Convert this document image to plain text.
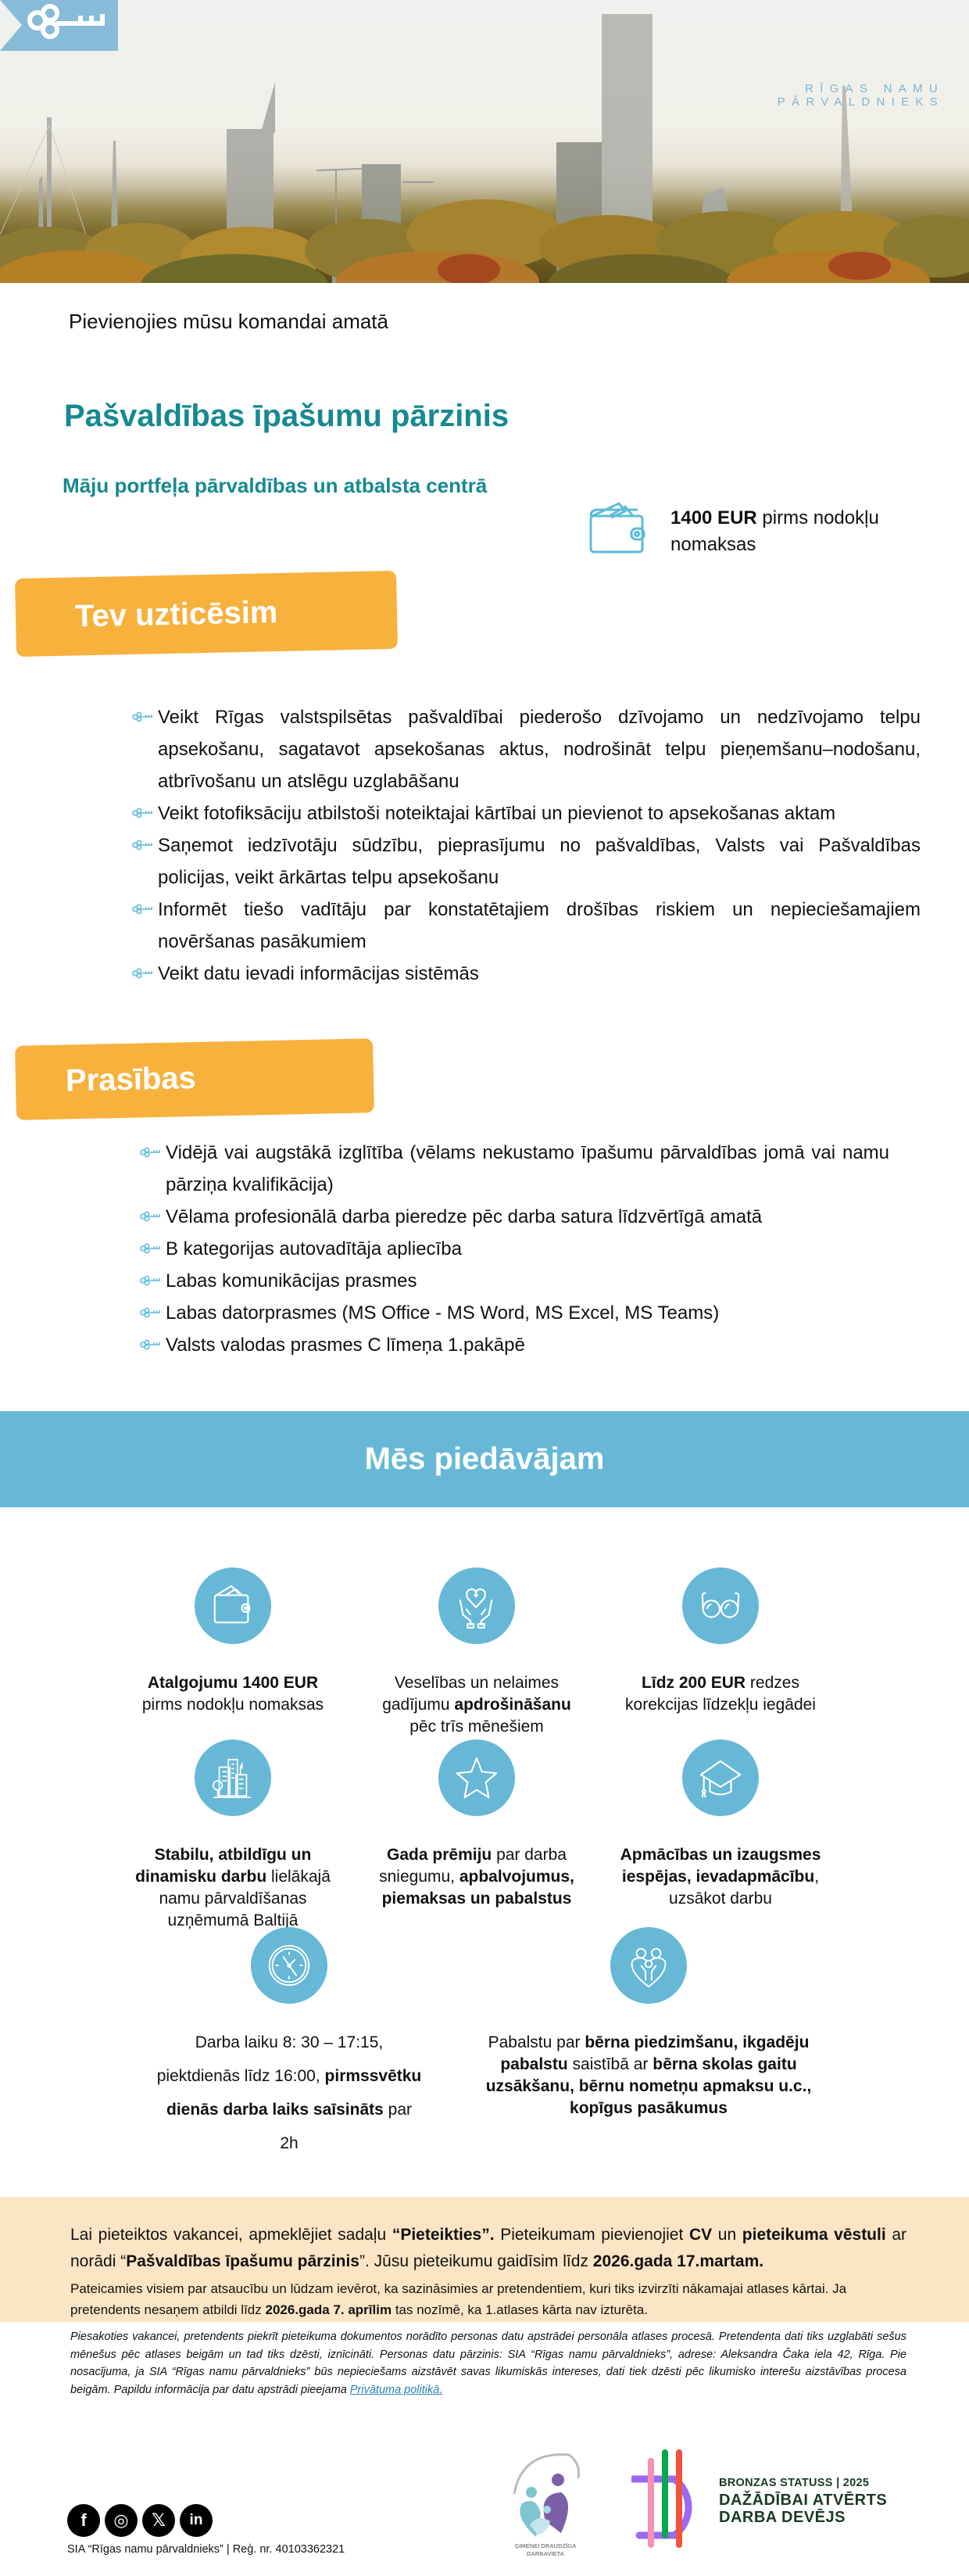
RĪGAS NAMU PĀRVALDNIEKS
Pievienojies mūsu komandai amatā
Pašvaldības īpašumu pārzinis
Māju portfeļa pārvaldības un atbalsta centrā
1400 EUR pirms nodokļu nomaksas
Tev uzticēsim
Veikt Rīgas valstspilsētas pašvaldībai piederošo dzīvojamo un nedzīvojamo telpu apsekošanu, sagatavot apsekošanas aktus, nodrošināt telpu pieņemšanu–nodošanu, atbrīvošanu un atslēgu uzglabāšanu
Veikt fotofiksāciju atbilstoši noteiktajai kārtībai un pievienot to apsekošanas aktam
Saņemot iedzīvotāju sūdzību, pieprasījumu no pašvaldības, Valsts vai Pašvaldības policijas, veikt ārkārtas telpu apsekošanu
Informēt tiešo vadītāju par konstatētajiem drošības riskiem un nepieciešamajiem novēršanas pasākumiem
Veikt datu ievadi informācijas sistēmās
Prasības
Vidējā vai augstākā izglītība (vēlams nekustamo īpašumu pārvaldības jomā vai namu pārziņa kvalifikācija)
Vēlama profesionālā darba pieredze pēc darba satura līdzvērtīgā amatā
B kategorijas autovadītāja apliecība
Labas komunikācijas prasmes
Labas datorprasmes (MS Office - MS Word, MS Excel, MS Teams)
Valsts valodas prasmes C līmeņa 1.pakāpē
Mēs piedāvājam
Atalgojumu 1400 EUR pirms nodokļu nomaksas
Veselības un nelaimes gadījumu apdrošināšanu pēc trīs mēnešiem
Līdz 200 EUR redzes korekcijas līdzekļu iegādei
Stabilu, atbildīgu un dinamisku darbu lielākajā namu pārvaldīšanas uzņēmumā Baltijā
Gada prēmiju par darba sniegumu, apbalvojumus, piemaksas un pabalstus
Apmācības un izaugsmes iespējas, ievadapmācību, uzsākot darbu
Darba laiku 8: 30 – 17:15, piektdienās līdz 16:00, pirmssvētku dienās darba laiks saīsināts par 2h
Pabalstu par bērna piedzimšanu, ikgadēju pabalstu saistībā ar bērna skolas gaitu uzsākšanu, bērnu nometņu apmaksu u.c., kopīgus pasākumus

Lai pieteiktos vakancei, apmeklējiet sadaļu “Pieteikties”. Pieteikumam pievienojiet CV un pieteikuma vēstuli ar norādi “Pašvaldības īpašumu pārzinis”. Jūsu pieteikumu gaidīsim līdz 2026.gada 17.martam.

Pateicamies visiem par atsaucību un lūdzam ievērot, ka sazināsimies ar pretendentiem, kuri tiks izvirzīti nākamajai atlases kārtai. Ja pretendents nesaņem atbildi līdz 2026.gada 7. aprīlim tas nozīmē, ka 1.atlases kārta nav izturēta.

Piesakoties vakancei, pretendents piekrīt pieteikuma dokumentos norādīto personas datu apstrādei personāla atlases procesā. Pretendenta dati tiks uzglabāti sešus mēnešus pēc atlases beigām un tad tiks dzēsti, iznīcināti. Personas datu pārzinis: SIA “Rīgas namu pārvaldnieks”, adrese: Aleksandra Čaka iela 42, Rīga. Pie nosacījuma, ja SIA “Rīgas namu pārvaldnieks” būs nepieciešams aizstāvēt savas likumiskās intereses, dati tiek dzēsti pēc likumisko interešu aizstāvības procesa beigām. Papildu informācija par datu apstrādi pieejama Privātuma politikā.

f ◎ 𝕏 in
SIA “Rīgas namu pārvaldnieks” | Reģ. nr. 40103362321	ĢIMENEI DRAUDZĪGA
DARBAVIETA
BRONZAS STATUSS | 2025
DAŽĀDĪBAI ATVĒRTS
DARBA DEVĒJS
